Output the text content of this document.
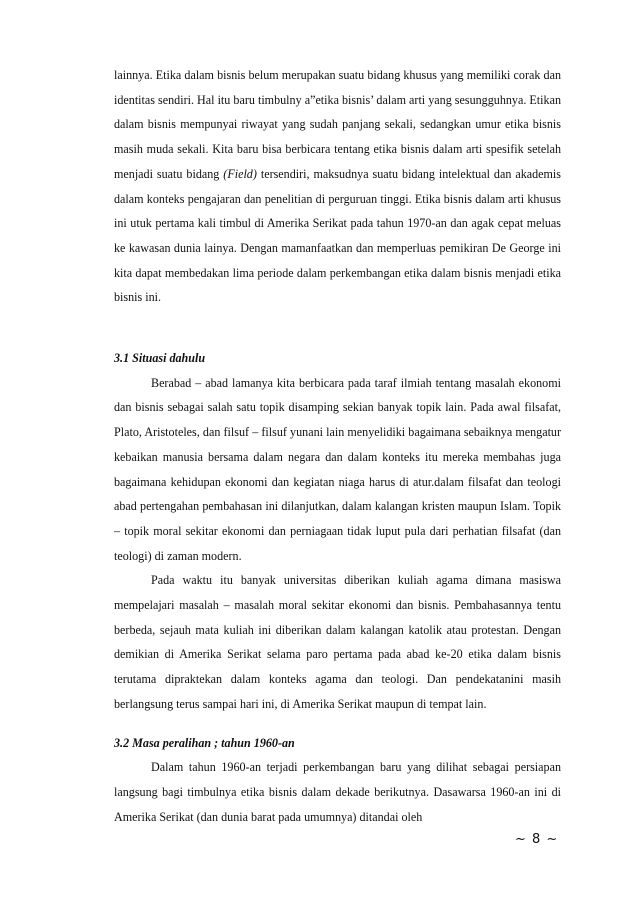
lainnya. Etika dalam bisnis belum merupakan suatu bidang khusus yang memiliki corak dan identitas sendiri. Hal itu baru timbulny a”etika bisnis’ dalam arti yang sesungguhnya. Etikan dalam bisnis mempunyai riwayat yang sudah panjang sekali, sedangkan umur etika bisnis masih muda sekali. Kita baru bisa berbicara tentang etika bisnis dalam arti spesifik setelah menjadi suatu bidang (Field) tersendiri, maksudnya suatu bidang intelektual dan akademis dalam konteks pengajaran dan penelitian di perguruan tinggi. Etika bisnis dalam arti khusus ini utuk pertama kali timbul di Amerika Serikat pada tahun 1970-an dan agak cepat meluas ke kawasan dunia lainya. Dengan mamanfaatkan dan memperluas pemikiran De George ini kita dapat membedakan lima periode dalam perkembangan etika dalam bisnis menjadi etika bisnis ini.

3.1 Situasi dahulu

Berabad – abad lamanya kita berbicara pada taraf ilmiah tentang masalah ekonomi dan bisnis sebagai salah satu topik disamping sekian banyak topik lain. Pada awal filsafat, Plato, Aristoteles, dan filsuf – filsuf yunani lain menyelidiki bagaimana sebaiknya mengatur kebaikan manusia bersama dalam negara dan dalam konteks itu mereka membahas juga bagaimana kehidupan ekonomi dan kegiatan niaga harus di atur.dalam filsafat dan teologi abad pertengahan pembahasan ini dilanjutkan, dalam kalangan kristen maupun Islam. Topik – topik moral sekitar ekonomi dan perniagaan tidak luput pula dari perhatian filsafat (dan teologi) di zaman modern.

Pada waktu itu banyak universitas diberikan kuliah agama dimana masiswa mempelajari masalah – masalah moral sekitar ekonomi dan bisnis. Pembahasannya tentu berbeda, sejauh mata kuliah ini diberikan dalam kalangan katolik atau protestan. Dengan demikian di Amerika Serikat selama paro pertama pada abad ke-20 etika dalam bisnis terutama dipraktekan dalam konteks agama dan teologi. Dan pendekatanini masih berlangsung terus sampai hari ini, di Amerika Serikat maupun di tempat lain.

3.2 Masa peralihan ; tahun 1960-an

Dalam tahun 1960-an terjadi perkembangan baru yang dilihat sebagai persiapan langsung bagi timbulnya etika bisnis dalam dekade berikutnya. Dasawarsa 1960-an ini di Amerika Serikat (dan dunia barat pada umumnya) ditandai oleh

~ 8 ~
